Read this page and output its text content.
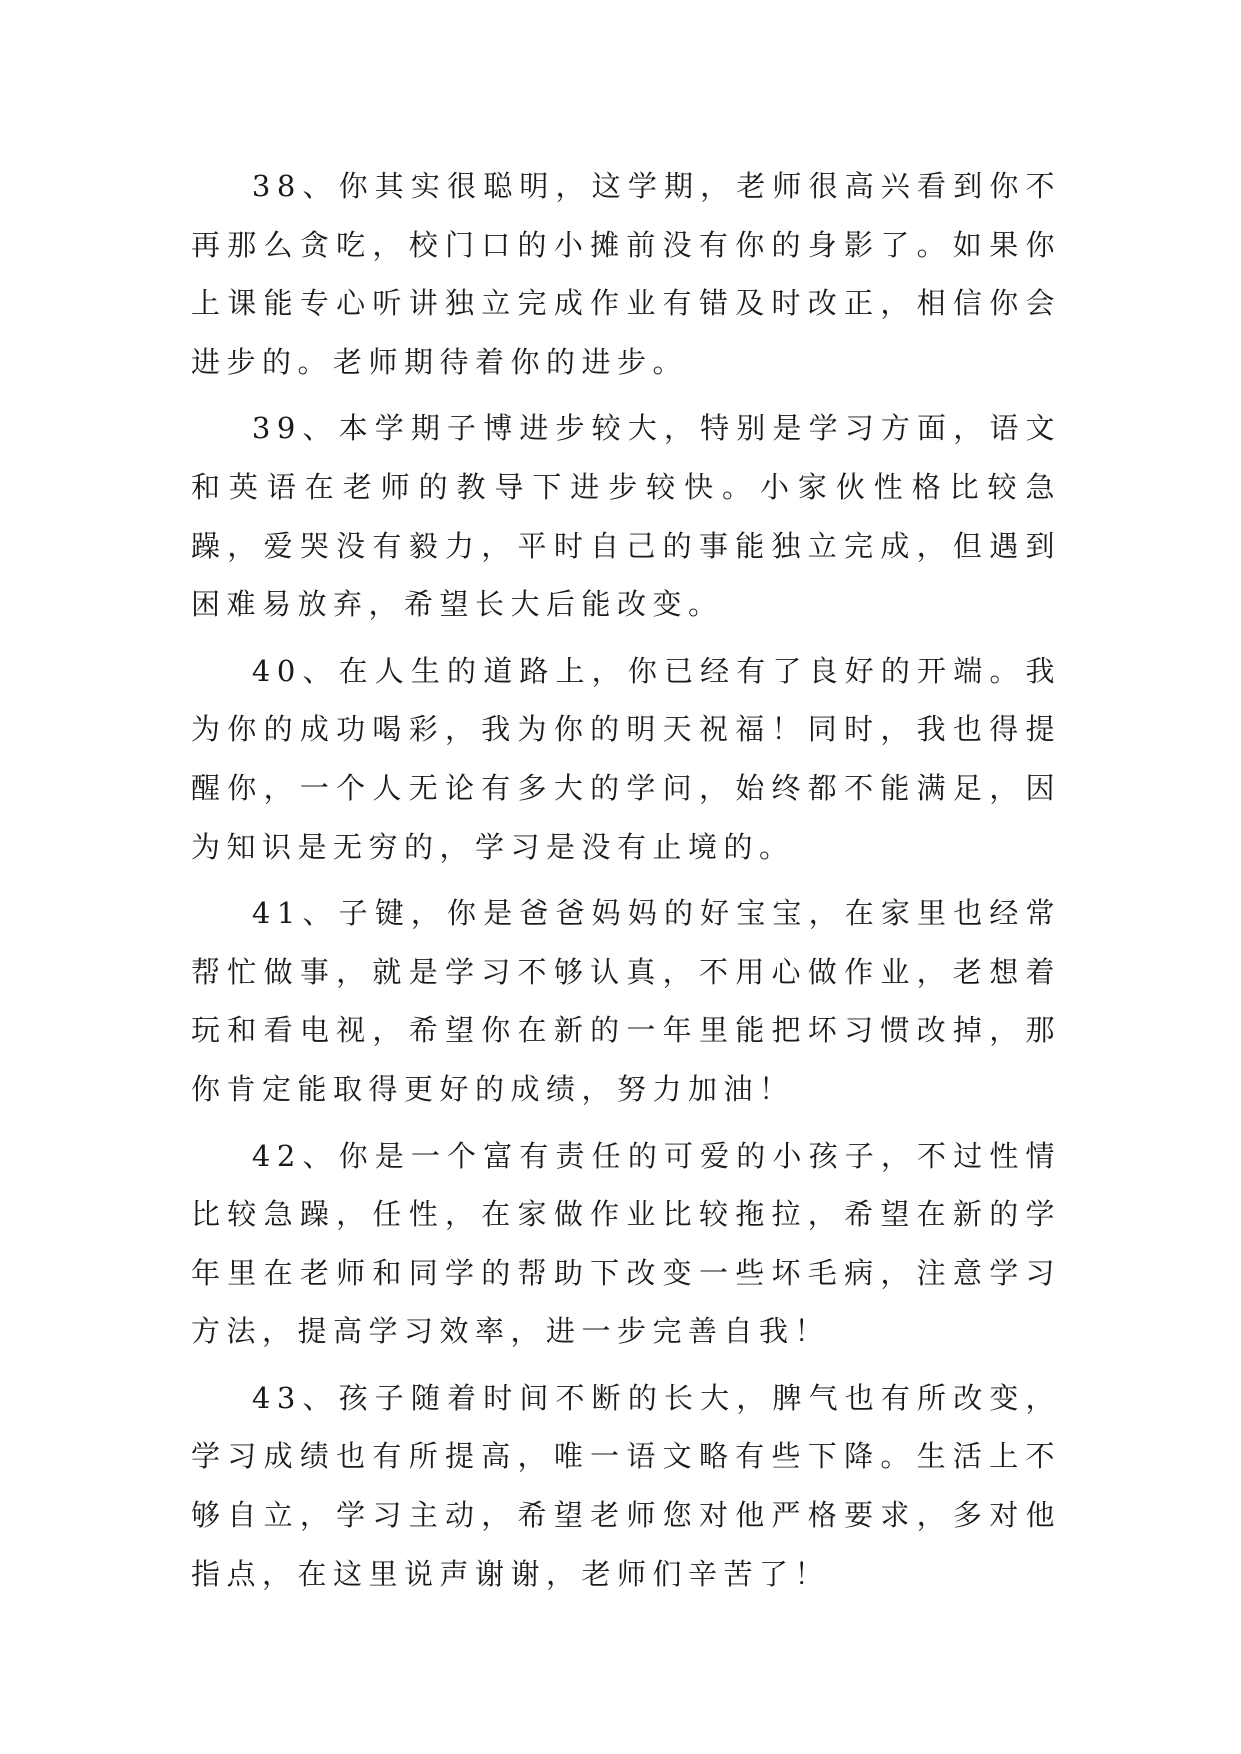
38、你其实很聪明，这学期，老师很高兴看到你不再那么贪吃，校门口的小摊前没有你的身影了。如果你上课能专心听讲独立完成作业有错及时改正，相信你会进步的。老师期待着你的进步。

39、本学期子博进步较大，特别是学习方面，语文和英语在老师的教导下进步较快。小家伙性格比较急躁，爱哭没有毅力，平时自己的事能独立完成，但遇到困难易放弃，希望长大后能改变。

40、在人生的道路上，你已经有了良好的开端。我为你的成功喝彩，我为你的明天祝福！同时，我也得提醒你，一个人无论有多大的学问，始终都不能满足，因为知识是无穷的，学习是没有止境的。

41、子键，你是爸爸妈妈的好宝宝，在家里也经常帮忙做事，就是学习不够认真，不用心做作业，老想着玩和看电视，希望你在新的一年里能把坏习惯改掉，那你肯定能取得更好的成绩，努力加油！

42、你是一个富有责任的可爱的小孩子，不过性情比较急躁，任性，在家做作业比较拖拉，希望在新的学年里在老师和同学的帮助下改变一些坏毛病，注意学习方法，提高学习效率，进一步完善自我！

43、孩子随着时间不断的长大，脾气也有所改变，学习成绩也有所提高，唯一语文略有些下降。生活上不够自立，学习主动，希望老师您对他严格要求，多对他指点，在这里说声谢谢，老师们辛苦了！
